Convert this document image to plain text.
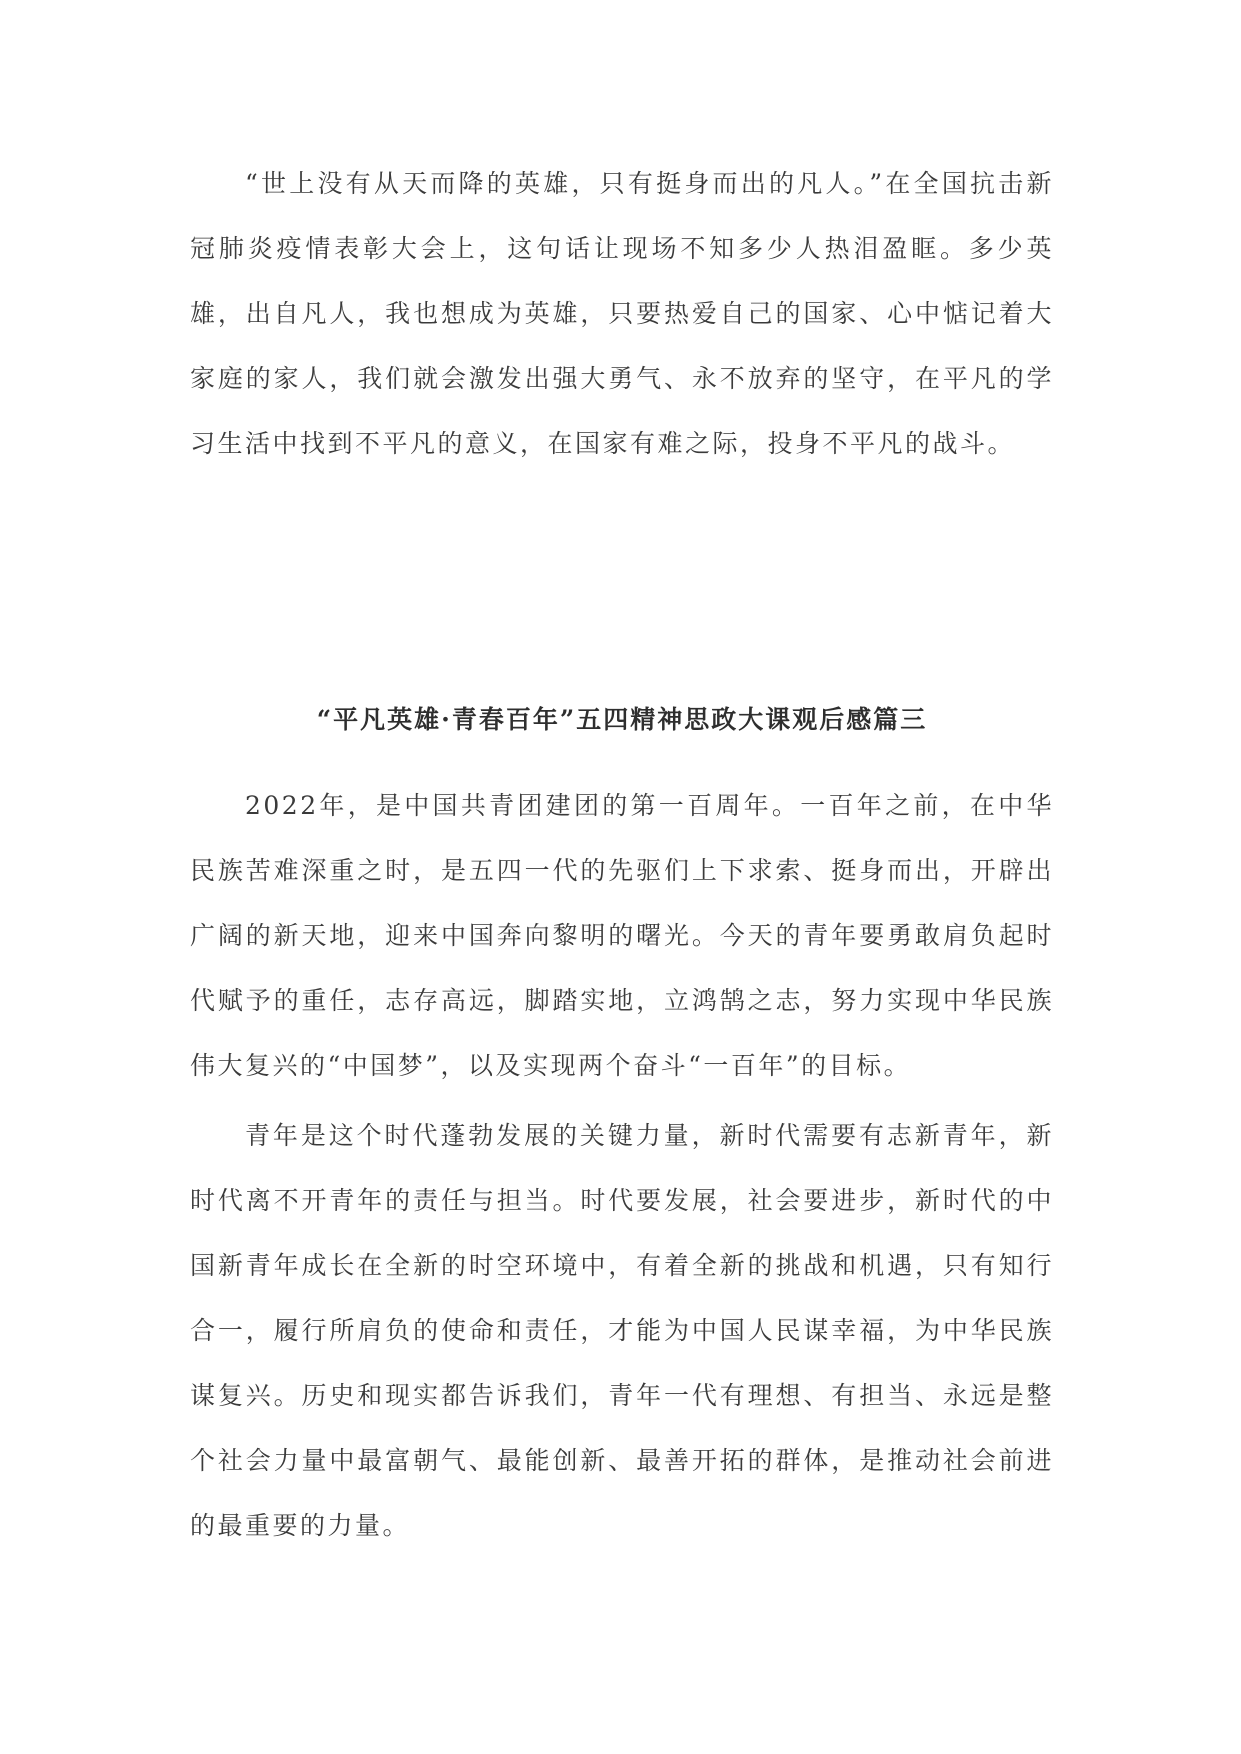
“世上没有从天而降的英雄，只有挺身而出的凡人。”在全国抗击新冠肺炎疫情表彰大会上，这句话让现场不知多少人热泪盈眶。多少英雄，出自凡人，我也想成为英雄，只要热爱自己的国家、心中惦记着大家庭的家人，我们就会激发出强大勇气、永不放弃的坚守，在平凡的学习生活中找到不平凡的意义，在国家有难之际，投身不平凡的战斗。

“平凡英雄·青春百年”五四精神思政大课观后感篇三

2022年，是中国共青团建团的第一百周年。一百年之前，在中华民族苦难深重之时，是五四一代的先驱们上下求索、挺身而出，开辟出广阔的新天地，迎来中国奔向黎明的曙光。今天的青年要勇敢肩负起时代赋予的重任，志存高远，脚踏实地，立鸿鹄之志，努力实现中华民族伟大复兴的“中国梦”，以及实现两个奋斗“一百年”的目标。

青年是这个时代蓬勃发展的关键力量，新时代需要有志新青年，新时代离不开青年的责任与担当。时代要发展，社会要进步，新时代的中国新青年成长在全新的时空环境中，有着全新的挑战和机遇，只有知行合一，履行所肩负的使命和责任，才能为中国人民谋幸福，为中华民族谋复兴。历史和现实都告诉我们，青年一代有理想、有担当、永远是整个社会力量中最富朝气、最能创新、最善开拓的群体，是推动社会前进的最重要的力量。
